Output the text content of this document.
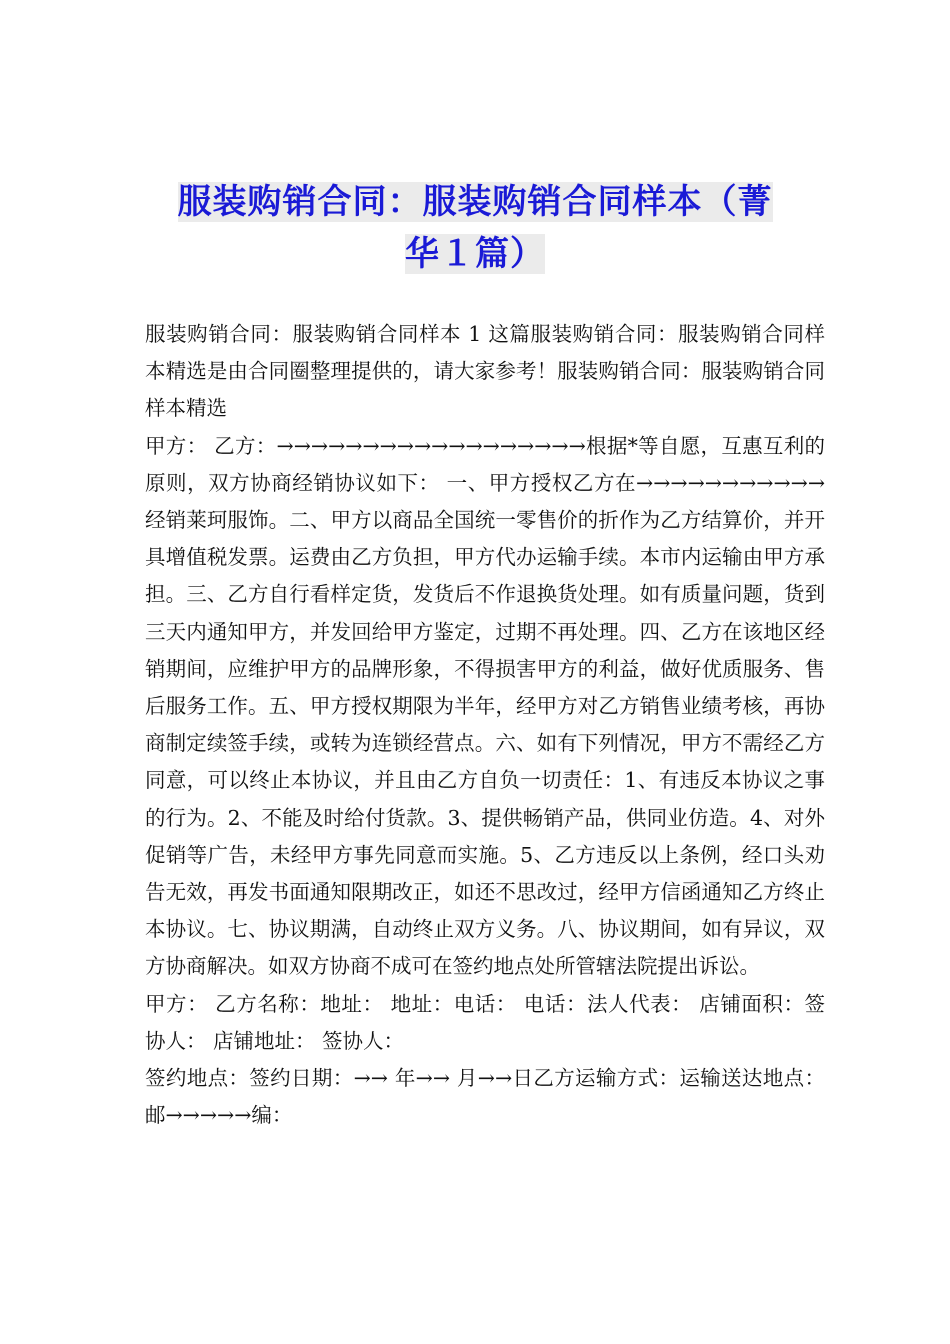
服装购销合同：服装购销合同样本（菁
华１篇）

服装购销合同：服装购销合同样本 1 这篇服装购销合同：服装购销合同样本精选是由合同圈整理提供的，请大家参考！服装购销合同：服装购销合同样本精选

甲方： 乙方：→→→→→→→→→→→→→→→→→→根据*等自愿，互惠互利的原则，双方协商经销协议如下： 一、甲方授权乙方在→→→→→→→→→→→ 经销莱珂服饰。二、甲方以商品全国统一零售价的折作为乙方结算价，并开具增值税发票。运费由乙方负担，甲方代办运输手续。本市内运输由甲方承担。三、乙方自行看样定货，发货后不作退换货处理。如有质量问题，货到三天内通知甲方，并发回给甲方鉴定，过期不再处理。四、乙方在该地区经销期间，应维护甲方的品牌形象，不得损害甲方的利益，做好优质服务、售后服务工作。五、甲方授权期限为半年，经甲方对乙方销售业绩考核，再协商制定续签手续，或转为连锁经营点。六、如有下列情况，甲方不需经乙方同意，可以终止本协议，并且由乙方自负一切责任：1、有违反本协议之事的行为。2、不能及时给付货款。3、提供畅销产品，供同业仿造。4、对外促销等广告，未经甲方事先同意而实施。5、乙方违反以上条例，经口头劝告无效，再发书面通知限期改正，如还不思改过，经甲方信函通知乙方终止本协议。七、协议期满，自动终止双方义务。八、协议期间，如有异议，双方协商解决。如双方协商不成可在签约地点处所管辖法院提出诉讼。

甲方： 乙方名称：地址： 地址：电话： 电话：法人代表： 店铺面积：签协人： 店铺地址： 签协人：

签约地点：签约日期：→→ 年→→ 月→→日乙方运输方式：运输送达地点：邮→→→→→编：
